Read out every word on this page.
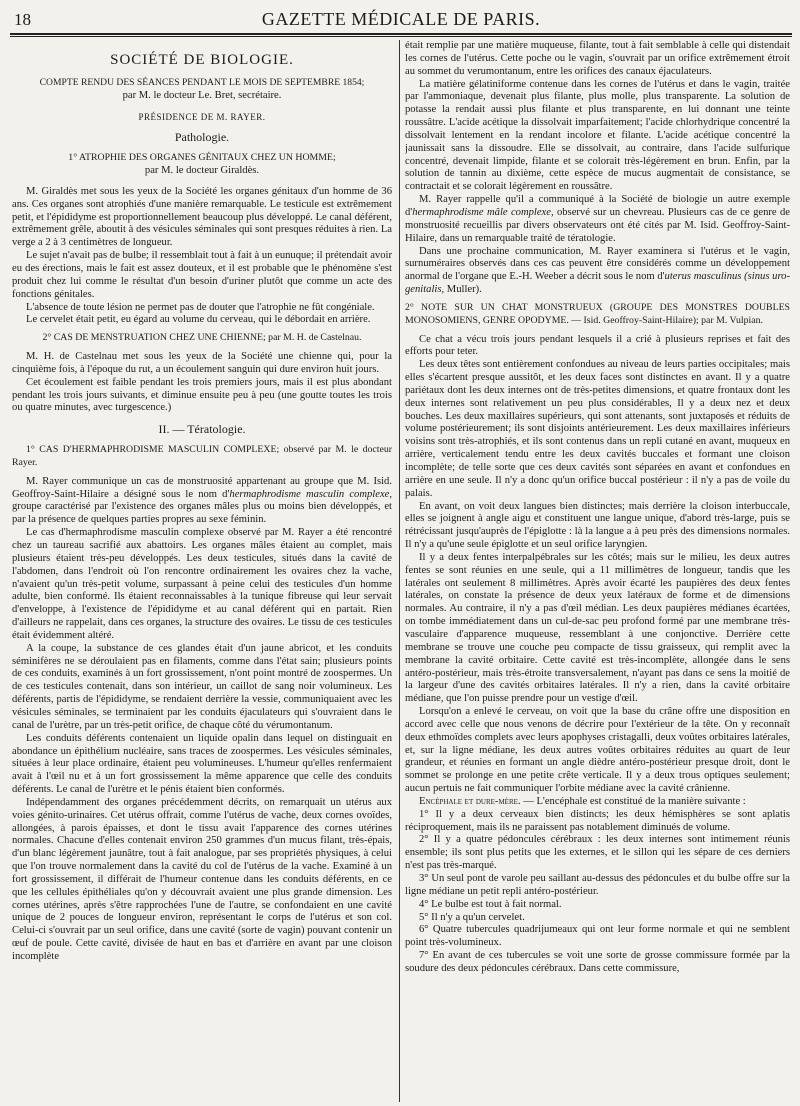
18	GAZETTE MÉDICALE DE PARIS.
SOCIÉTÉ DE BIOLOGIE.

COMPTE RENDU DES SÉANCES PENDANT LE MOIS DE SEPTEMBRE 1854;

par M. le docteur Le. Bret, secrétaire.

PRÉSIDENCE DE M. RAYER.

Pathologie.

1° ATROPHIE DES ORGANES GÉNITAUX CHEZ UN HOMME;

par M. le docteur Giraldès.

M. Giraldès met sous les yeux de la Société les organes génitaux d'un homme de 36 ans. Ces organes sont atrophiés d'une manière remarquable. Le testicule est extrêmement petit, et l'épididyme est proportionnellement beaucoup plus développé. Le canal déférent, extrêmement grêle, aboutit à des vésicules séminales qui sont presques réduites à rien. La verge a 2 à 3 centimètres de longueur.

Le sujet n'avait pas de bulbe; il ressemblait tout à fait à un eunuque; il prétendait avoir eu des érections, mais le fait est assez douteux, et il est probable que le phénomène s'est produit chez lui comme le résultat d'un besoin d'uriner plutôt que comme un acte des fonctions génitales.

L'absence de toute lésion ne permet pas de douter que l'atrophie ne fût congéniale.

Le cervelet était petit, eu égard au volume du cerveau, qui le débordait en arrière.

2° CAS DE MENSTRUATION CHEZ UNE CHIENNE; par M. H. de Castelnau.

M. H. de Castelnau met sous les yeux de la Société une chienne qui, pour la cinquième fois, à l'époque du rut, a un écoulement sanguin qui dure environ huit jours.

Cet écoulement est faible pendant les trois premiers jours, mais il est plus abondant pendant les trois jours suivants, et diminue ensuite peu à peu (une goutte toutes les trois ou quatre minutes, avec turgescence.)

II. — Tératologie.

1° CAS D'HERMAPHRODISME MASCULIN COMPLEXE; observé par M. le docteur Rayer.

M. Rayer communique un cas de monstruosité appartenant au groupe que M. Isid. Geoffroy-Saint-Hilaire a désigné sous le nom d'hermaphrodisme masculin complexe, groupe caractérisé par l'existence des organes mâles plus ou moins bien développés, et par la présence de quelques parties propres au sexe féminin.

Le cas d'hermaphrodisme masculin complexe observé par M. Rayer a été rencontré chez un taureau sacrifié aux abattoirs. Les organes mâles étaient au complet, mais plusieurs étaient très-peu développés. Les deux testicules, situés dans la cavité de l'abdomen, dans l'endroit où l'on rencontre ordinairement les ovaires chez la vache, n'avaient qu'un très-petit volume, surpassant à peine celui des testicules d'un homme adulte, bien conformé. Ils étaient reconnaissables à la tunique fibreuse qui leur servait d'enveloppe, à l'existence de l'épididyme et au canal déférent qui en partait. Rien d'ailleurs ne rappelait, dans ces organes, la structure des ovaires. Le tissu de ces testicules était évidemment altéré.

A la coupe, la substance de ces glandes était d'un jaune abricot, et les conduits séminifères ne se déroulaient pas en filaments, comme dans l'état sain; plusieurs points de ces conduits, examinés à un fort grossissement, n'ont point montré de zoospermes. Un de ces testicules contenait, dans son intérieur, un caillot de sang noir volumineux. Les déférents, partis de l'épididyme, se rendaient derrière la vessie, communiquaient avec les vésicules séminales, se terminaient par les conduits éjaculateurs qui s'ouvraient dans le canal de l'urètre, par un très-petit orifice, de chaque côté du vérumontanum.

Les conduits déférents contenaient un liquide opalin dans lequel on distinguait en abondance un épithélium nucléaire, sans traces de zoospermes. Les vésicules séminales, situées à leur place ordinaire, étaient peu volumineuses. L'humeur qu'elles renfermaient avait à l'œil nu et à un fort grossissement la même apparence que celle des conduits déférents. Le canal de l'urètre et le pénis étaient bien conformés.

Indépendamment des organes précédemment décrits, on remarquait un utérus aux voies génito-urinaires. Cet utérus offrait, comme l'utérus de vache, deux cornes ovoïdes, allongées, à parois épaisses, et dont le tissu avait l'apparence des cornes utérines normales. Chacune d'elles contenait environ 250 grammes d'un mucus filant, très-épais, d'un blanc légèrement jaunâtre, tout à fait analogue, par ses propriétés physiques, à celui que l'on trouve normalement dans la cavité du col de l'utérus de la vache. Examiné à un fort grossissement, il différait de l'humeur contenue dans les conduits déférents, en ce que les cellules épithéliales qu'on y découvrait avaient une plus grande dimension. Les cornes utérines, après s'être rapprochées l'une de l'autre, se confondaient en une cavité unique de 2 pouces de longueur environ, représentant le corps de l'utérus et son col. Celui-ci s'ouvrait par un seul orifice, dans une cavité (sorte de vagin) pouvant contenir un œuf de poule. Cette cavité, divisée de haut en bas et d'arrière en avant par une cloison incomplète

était remplie par une matière muqueuse, filante, tout à fait semblable à celle qui distendait les cornes de l'utérus. Cette poche ou le vagin, s'ouvrait par un orifice extrêmement étroit au sommet du verumontanum, entre les orifices des canaux éjaculateurs.

La matière gélatiniforme contenue dans les cornes de l'utérus et dans le vagin, traitée par l'ammoniaque, devenait plus filante, plus molle, plus transparente. La solution de potasse la rendait aussi plus filante et plus transparente, en lui donnant une teinte roussâtre. L'acide acétique la dissolvait imparfaitement; l'acide chlorhydrique concentré la dissolvait lentement en la rendant incolore et filante. L'acide acétique concentré la jaunissait sans la dissoudre. Elle se dissolvait, au contraire, dans l'acide sulfurique concentré, devenait limpide, filante et se colorait très-légèrement en brun. Enfin, par la solution de tannin au dixième, cette espèce de mucus augmentait de consistance, se contractait et se colorait légèrement en roussâtre.

M. Rayer rappelle qu'il a communiqué à la Société de biologie un autre exemple d'hermaphrodisme mâle complexe, observé sur un chevreau. Plusieurs cas de ce genre de monstruosité recueillis par divers observateurs ont été cités par M. Isid. Geoffroy-Saint-Hilaire, dans un remarquable traité de tératologie.

Dans une prochaine communication, M. Rayer examinera si l'utérus et le vagin, surnuméraires observés dans ces cas peuvent être considérés comme un développement anormal de l'organe que E.-H. Weeber a décrit sous le nom d'uterus masculinus (sinus uro-genitalis, Muller).

2° NOTE SUR UN CHAT MONSTRUEUX (GROUPE DES MONSTRES DOUBLES MONOSOMIENS, GENRE OPODYME. — Isid. Geoffroy-Saint-Hilaire); par M. Vulpian.

Ce chat a vécu trois jours pendant lesquels il a crié à plusieurs reprises et fait des efforts pour teter.

Les deux têtes sont entièrement confondues au niveau de leurs parties occipitales; mais elles s'écartent presque aussitôt, et les deux faces sont distinctes en avant. Il y a quatre pariétaux dont les deux internes ont de très-petites dimensions, et quatre frontaux dont les deux internes sont relativement un peu plus considérables, Il y a deux nez et deux bouches. Les deux maxillaires supérieurs, qui sont attenants, sont juxtaposés et réduits de volume postérieurement; ils sont disjoints antérieurement. Les deux maxillaires inférieurs voisins sont très-atrophiés, et ils sont contenus dans un repli cutané en avant, muqueux en arrière, verticalement tendu entre les deux cavités buccales et formant une cloison incomplète; de telle sorte que ces deux cavités sont séparées en avant et confondues en arrière en une seule. Il n'y a donc qu'un orifice buccal postérieur : il n'y a pas de voile du palais.

En avant, on voit deux langues bien distinctes; mais derrière la cloison interbuccale, elles se joignent à angle aigu et constituent une langue unique, d'abord très-large, puis se rétrécissant jusqu'auprès de l'épiglotte : là la langue a à peu près des dimensions normales. Il n'y a qu'une seule épiglotte et un seul orifice laryngien.

Il y a deux fentes interpalpébrales sur les côtés; mais sur le milieu, les deux autres fentes se sont réunies en une seule, qui a 11 millimètres de longueur, tandis que les latérales ont seulement 8 millimètres. Après avoir écarté les paupières des deux fentes latérales, on constate la présence de deux yeux latéraux de forme et de dimensions normales. Au contraire, il n'y a pas d'œil médian. Les deux paupières médianes écartées, on tombe immédiatement dans un cul-de-sac peu profond formé par une membrane très-vasculaire d'apparence muqueuse, ressemblant à une conjonctive. Derrière cette membrane se trouve une couche peu compacte de tissu graisseux, qui remplit avec la membrane la cavité orbitaire. Cette cavité est très-incomplète, allongée dans le sens antéro-postérieur, mais très-étroite transversalement, n'ayant pas dans ce sens la moitié de la largeur d'une des cavités orbitaires latérales. Il n'y a rien, dans la cavité orbitaire médiane, que l'on puisse prendre pour un vestige d'œil.

Lorsqu'on a enlevé le cerveau, on voit que la base du crâne offre une disposition en accord avec celle que nous venons de décrire pour l'extérieur de la tête. On y reconnaît deux ethmoïdes complets avec leurs apophyses cristagalli, deux voûtes orbitaires latérales, et, sur la ligne médiane, les deux autres voûtes orbitaires réduites au quart de leur grandeur, et réunies en formant un angle dièdre antéro-postérieur presque droit, dont le sommet se prolonge en une petite crête verticale. Il y a deux trous optiques seulement; aucun pertuis ne fait communiquer l'orbite médiane avec la cavité crânienne.

Encéphale et dure-mère. — L'encéphale est constitué de la manière suivante :

1° Il y a deux cerveaux bien distincts; les deux hémisphères se sont aplatis réciproquement, mais ils ne paraissent pas notablement diminués de volume.

2° Il y a quatre pédoncules cérébraux : les deux internes sont intimement réunis ensemble; ils sont plus petits que les externes, et le sillon qui les sépare de ces derniers n'est pas très-marqué.

3° Un seul pont de varole peu saillant au-dessus des pédoncules et du bulbe offre sur la ligne médiane un petit repli antéro-postérieur.

4° Le bulbe est tout à fait normal.

5° Il n'y a qu'un cervelet.

6° Quatre tubercules quadrijumeaux qui ont leur forme normale et qui ne semblent point très-volumineux.

7° En avant de ces tubercules se voit une sorte de grosse commissure formée par la soudure des deux pédoncules cérébraux. Dans cette commissure,
